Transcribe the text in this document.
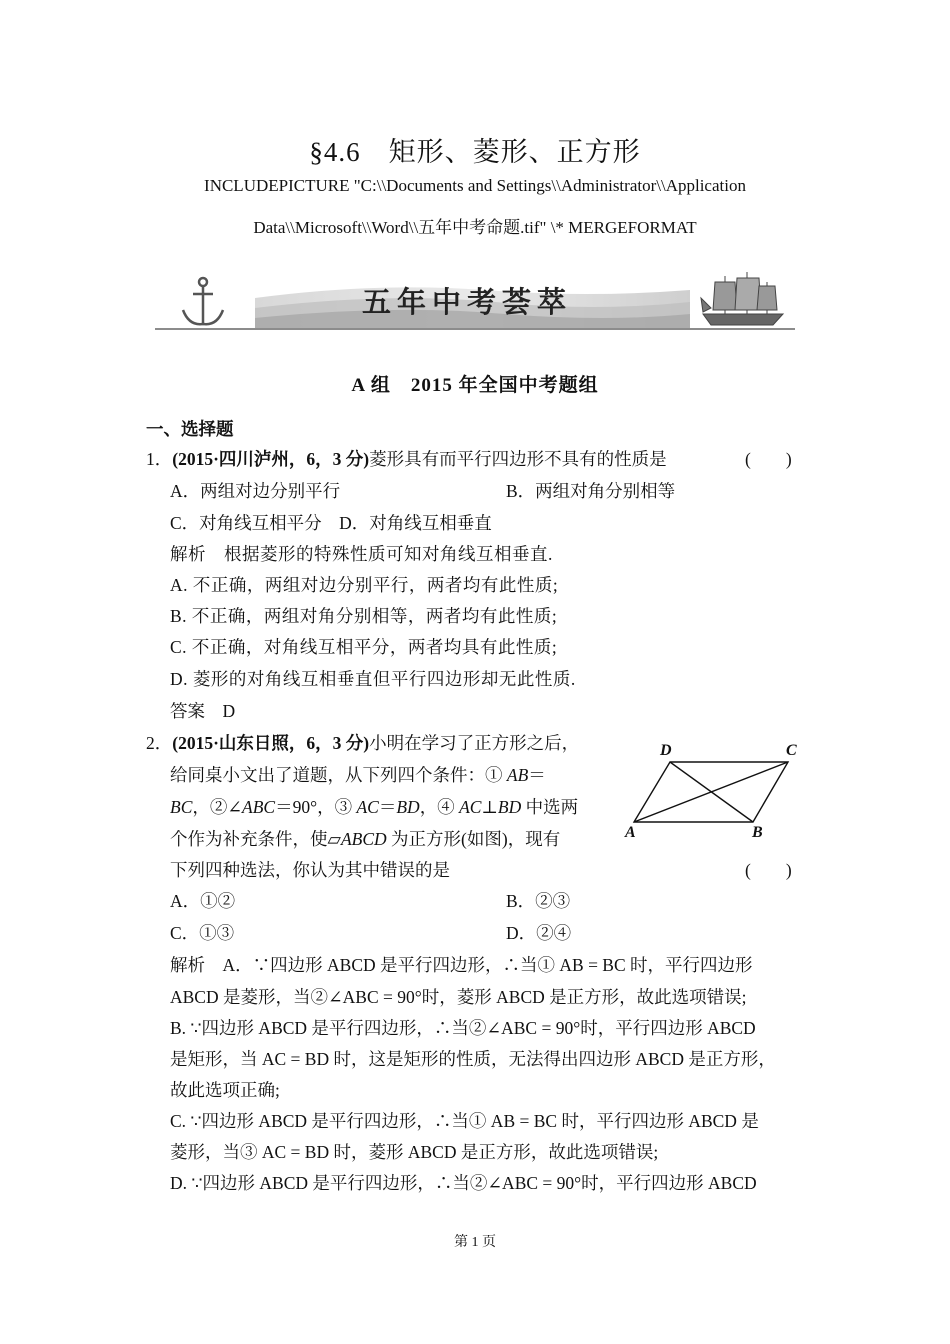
§4.6　矩形、菱形、正方形
INCLUDEPICTURE "C:\\Documents and Settings\\Administrator\\Application
Data\\Microsoft\\Word\\五年中考命题.tif" \* MERGEFORMAT
五年中考荟萃
A 组　2015 年全国中考题组
一、选择题
1．(2015·四川泸州，6，3 分)菱形具有而平行四边形不具有的性质是	(　　)
A．两组对边分别平行	B．两组对角分别相等
C．对角线互相平分　D．对角线互相垂直
解析　 根据菱形的特殊性质可知对角线互相垂直.
A. 不正确，两组对边分别平行，两者均有此性质;
B. 不正确，两组对角分别相等，两者均有此性质;
C. 不正确，对角线互相平分，两者均具有此性质;
D. 菱形的对角线互相垂直但平行四边形却无此性质.
答案　 D
2．(2015·山东日照，6，3 分)小明在学习了正方形之后，
给同桌小文出了道题，从下列四个条件：① AB＝
BC，②∠ABC＝90°，③ AC＝BD，④ AC⊥BD 中选两
个作为补充条件，使▱ABCD 为正方形(如图)，现有
下列四种选法，你认为其中错误的是	(　　)
A	B
C
D
A．①②	B．②③
C．①③	D．②④
解析　 A．∵四边形 ABCD 是平行四边形，∴当① AB = BC 时，平行四边形
ABCD 是菱形，当②∠ABC = 90°时，菱形 ABCD 是正方形，故此选项错误;
B. ∵四边形 ABCD 是平行四边形，∴当②∠ABC = 90°时，平行四边形 ABCD
是矩形，当 AC = BD 时，这是矩形的性质，无法得出四边形 ABCD 是正方形，
故此选项正确;
C. ∵四边形 ABCD 是平行四边形，∴当① AB = BC 时，平行四边形 ABCD 是
菱形，当③ AC = BD 时，菱形 ABCD 是正方形，故此选项错误;
D. ∵四边形 ABCD 是平行四边形，∴当②∠ABC = 90°时，平行四边形 ABCD
第 1 页
